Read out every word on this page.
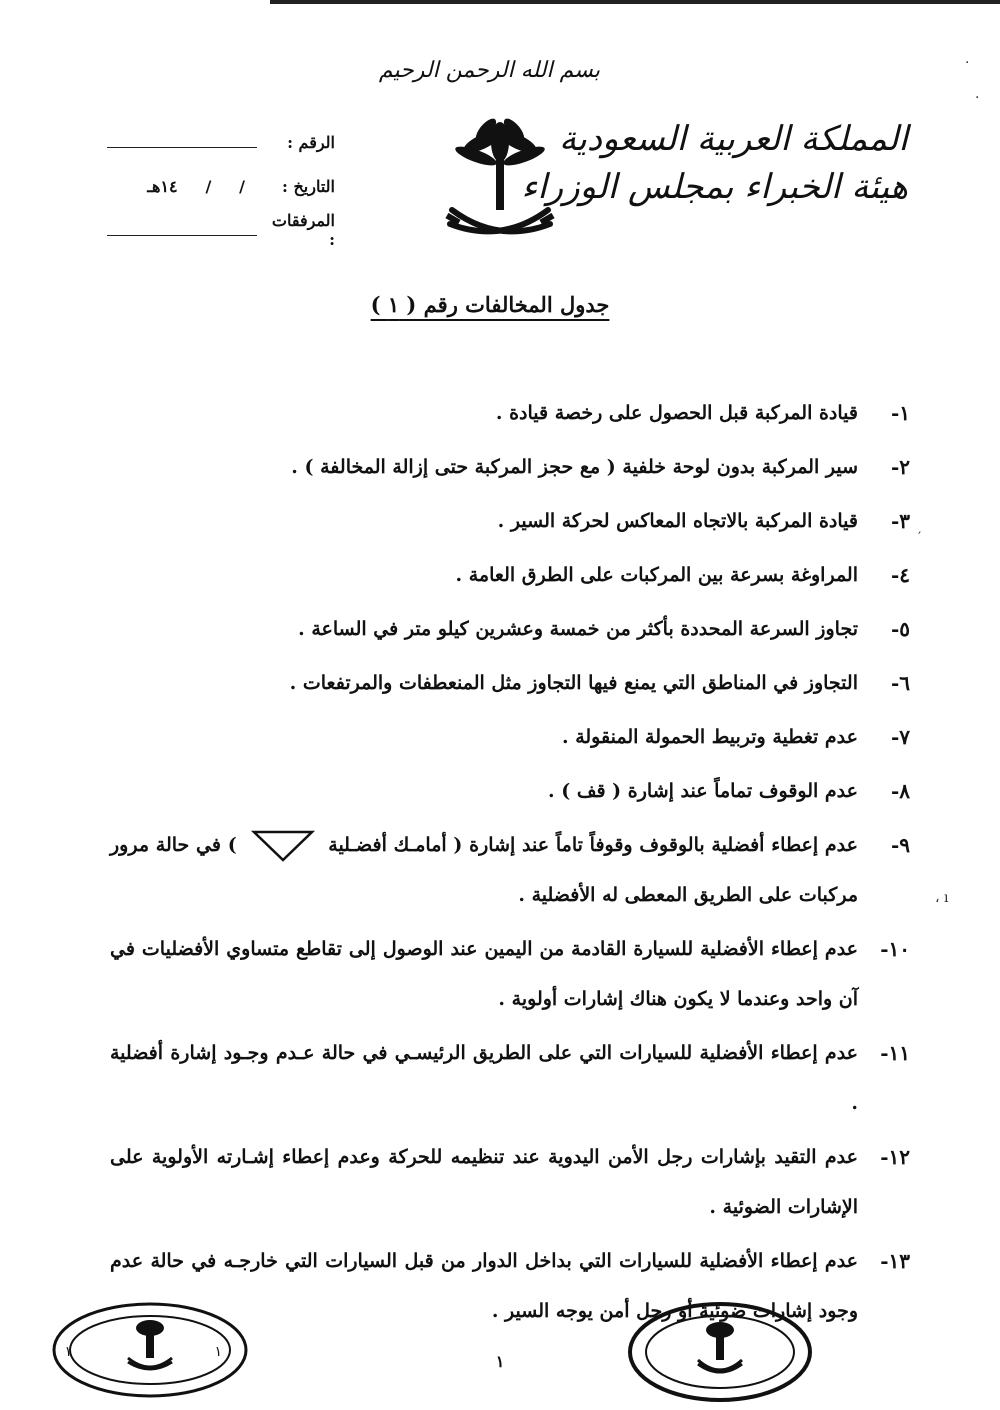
بسم الله الرحمن الرحيم
المملكة العربية السعودية
هيئة الخبراء بمجلس الوزراء
الرقم :
التاريخ :
/     /     ١٤هـ
المرفقات :
جدول المخالفات رقم ( ١ )
١-
قيادة المركبة قبل الحصول على رخصة قيادة .
٢-
سير المركبة بدون لوحة خلفية ( مع حجز المركبة حتى إزالة المخالفة ) .
٣-
قيادة المركبة بالاتجاه المعاكس لحركة السير .
٤-
المراوغة بسرعة بين المركبات على الطرق العامة .
٥-
تجاوز السرعة المحددة بأكثر من خمسة وعشرين كيلو متر في الساعة .
٦-
التجاوز في المناطق التي يمنع فيها التجاوز مثل المنعطفات والمرتفعات .
٧-
عدم تغطية وتربيط الحمولة المنقولة .
٨-
عدم الوقوف تماماً عند إشارة ( قف ) .
٩-
عدم إعطاء أفضلية بالوقوف وقوفاً تاماً عند إشارة ( أمامـك أفضـلية  ) في حالة مرور مركبات على الطريق المعطى له الأفضلية .
١٠-
عدم إعطاء الأفضلية للسيارة القادمة من اليمين عند الوصول إلى تقاطع متساوي الأفضليات في آن واحد وعندما لا يكون هناك إشارات أولوية .
١١-
عدم إعطاء الأفضلية للسيارات التي على الطريق الرئيسـي في حالة عـدم وجـود إشارة أفضلية .
١٢-
عدم التقيد بإشارات رجل الأمن اليدوية عند تنظيمه للحركة وعدم إعطاء إشـارته الأولوية على الإشارات الضوئية .
١٣-
عدم إعطاء الأفضلية للسيارات التي بداخل الدوار من قبل السيارات التي خارجـه في حالة عدم وجود إشارات ضوئية أو رجل أمن يوجه السير .
١
١	١
·
·
′
ı ،
